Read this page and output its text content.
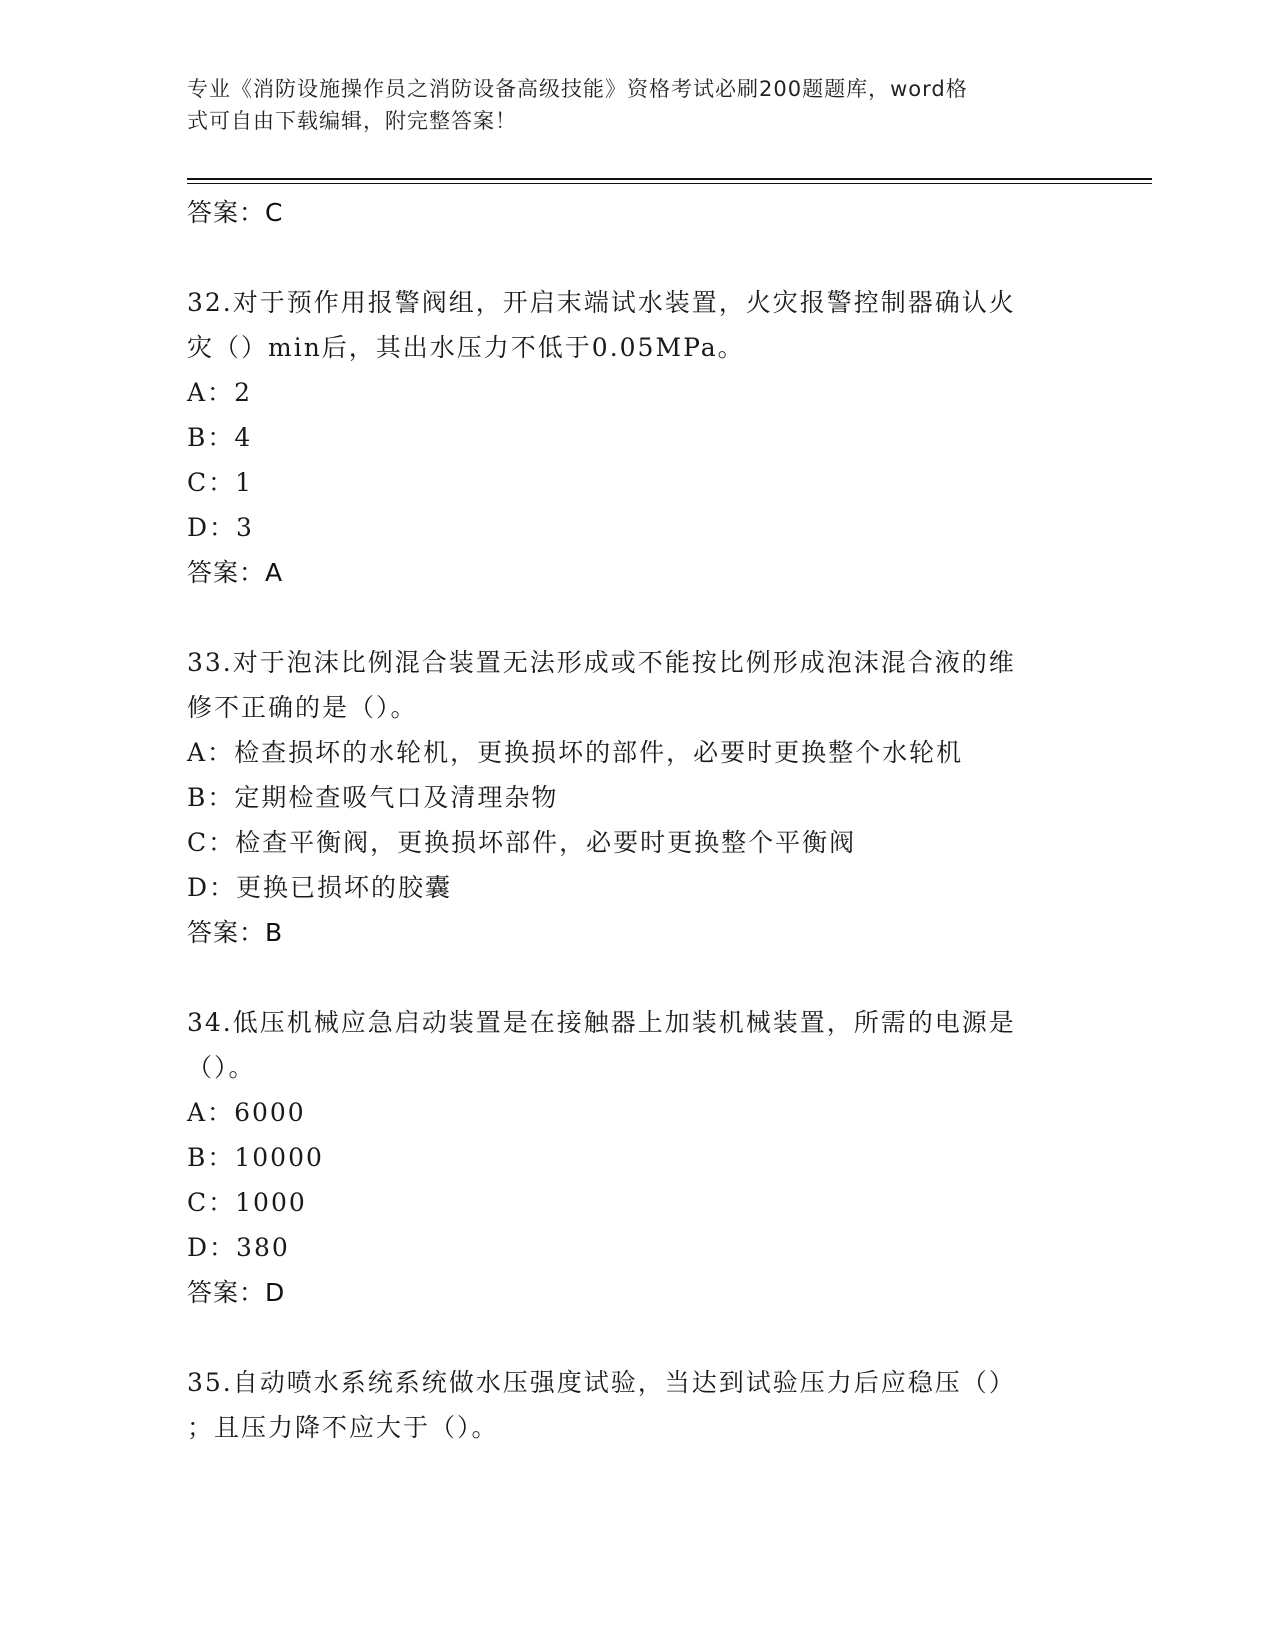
专业《消防设施操作员之消防设备高级技能》资格考试必刷200题题库，word格
式可自由下载编辑，附完整答案！
答案：C
32.对于预作用报警阀组，开启末端试水装置，火灾报警控制器确认火
灾（）min后，其出水压力不低于0.05MPa。
A：2
B：4
C：1
D：3
答案：A
33.对于泡沫比例混合装置无法形成或不能按比例形成泡沫混合液的维
修不正确的是（）。
A：检查损坏的水轮机，更换损坏的部件，必要时更换整个水轮机
B：定期检查吸气口及清理杂物
C：检查平衡阀，更换损坏部件，必要时更换整个平衡阀
D：更换已损坏的胶囊
答案：B
34.低压机械应急启动装置是在接触器上加装机械装置，所需的电源是
（）。
A：6000
B：10000
C：1000
D：380
答案：D
35.自动喷水系统系统做水压强度试验，当达到试验压力后应稳压（）
；且压力降不应大于（）。
